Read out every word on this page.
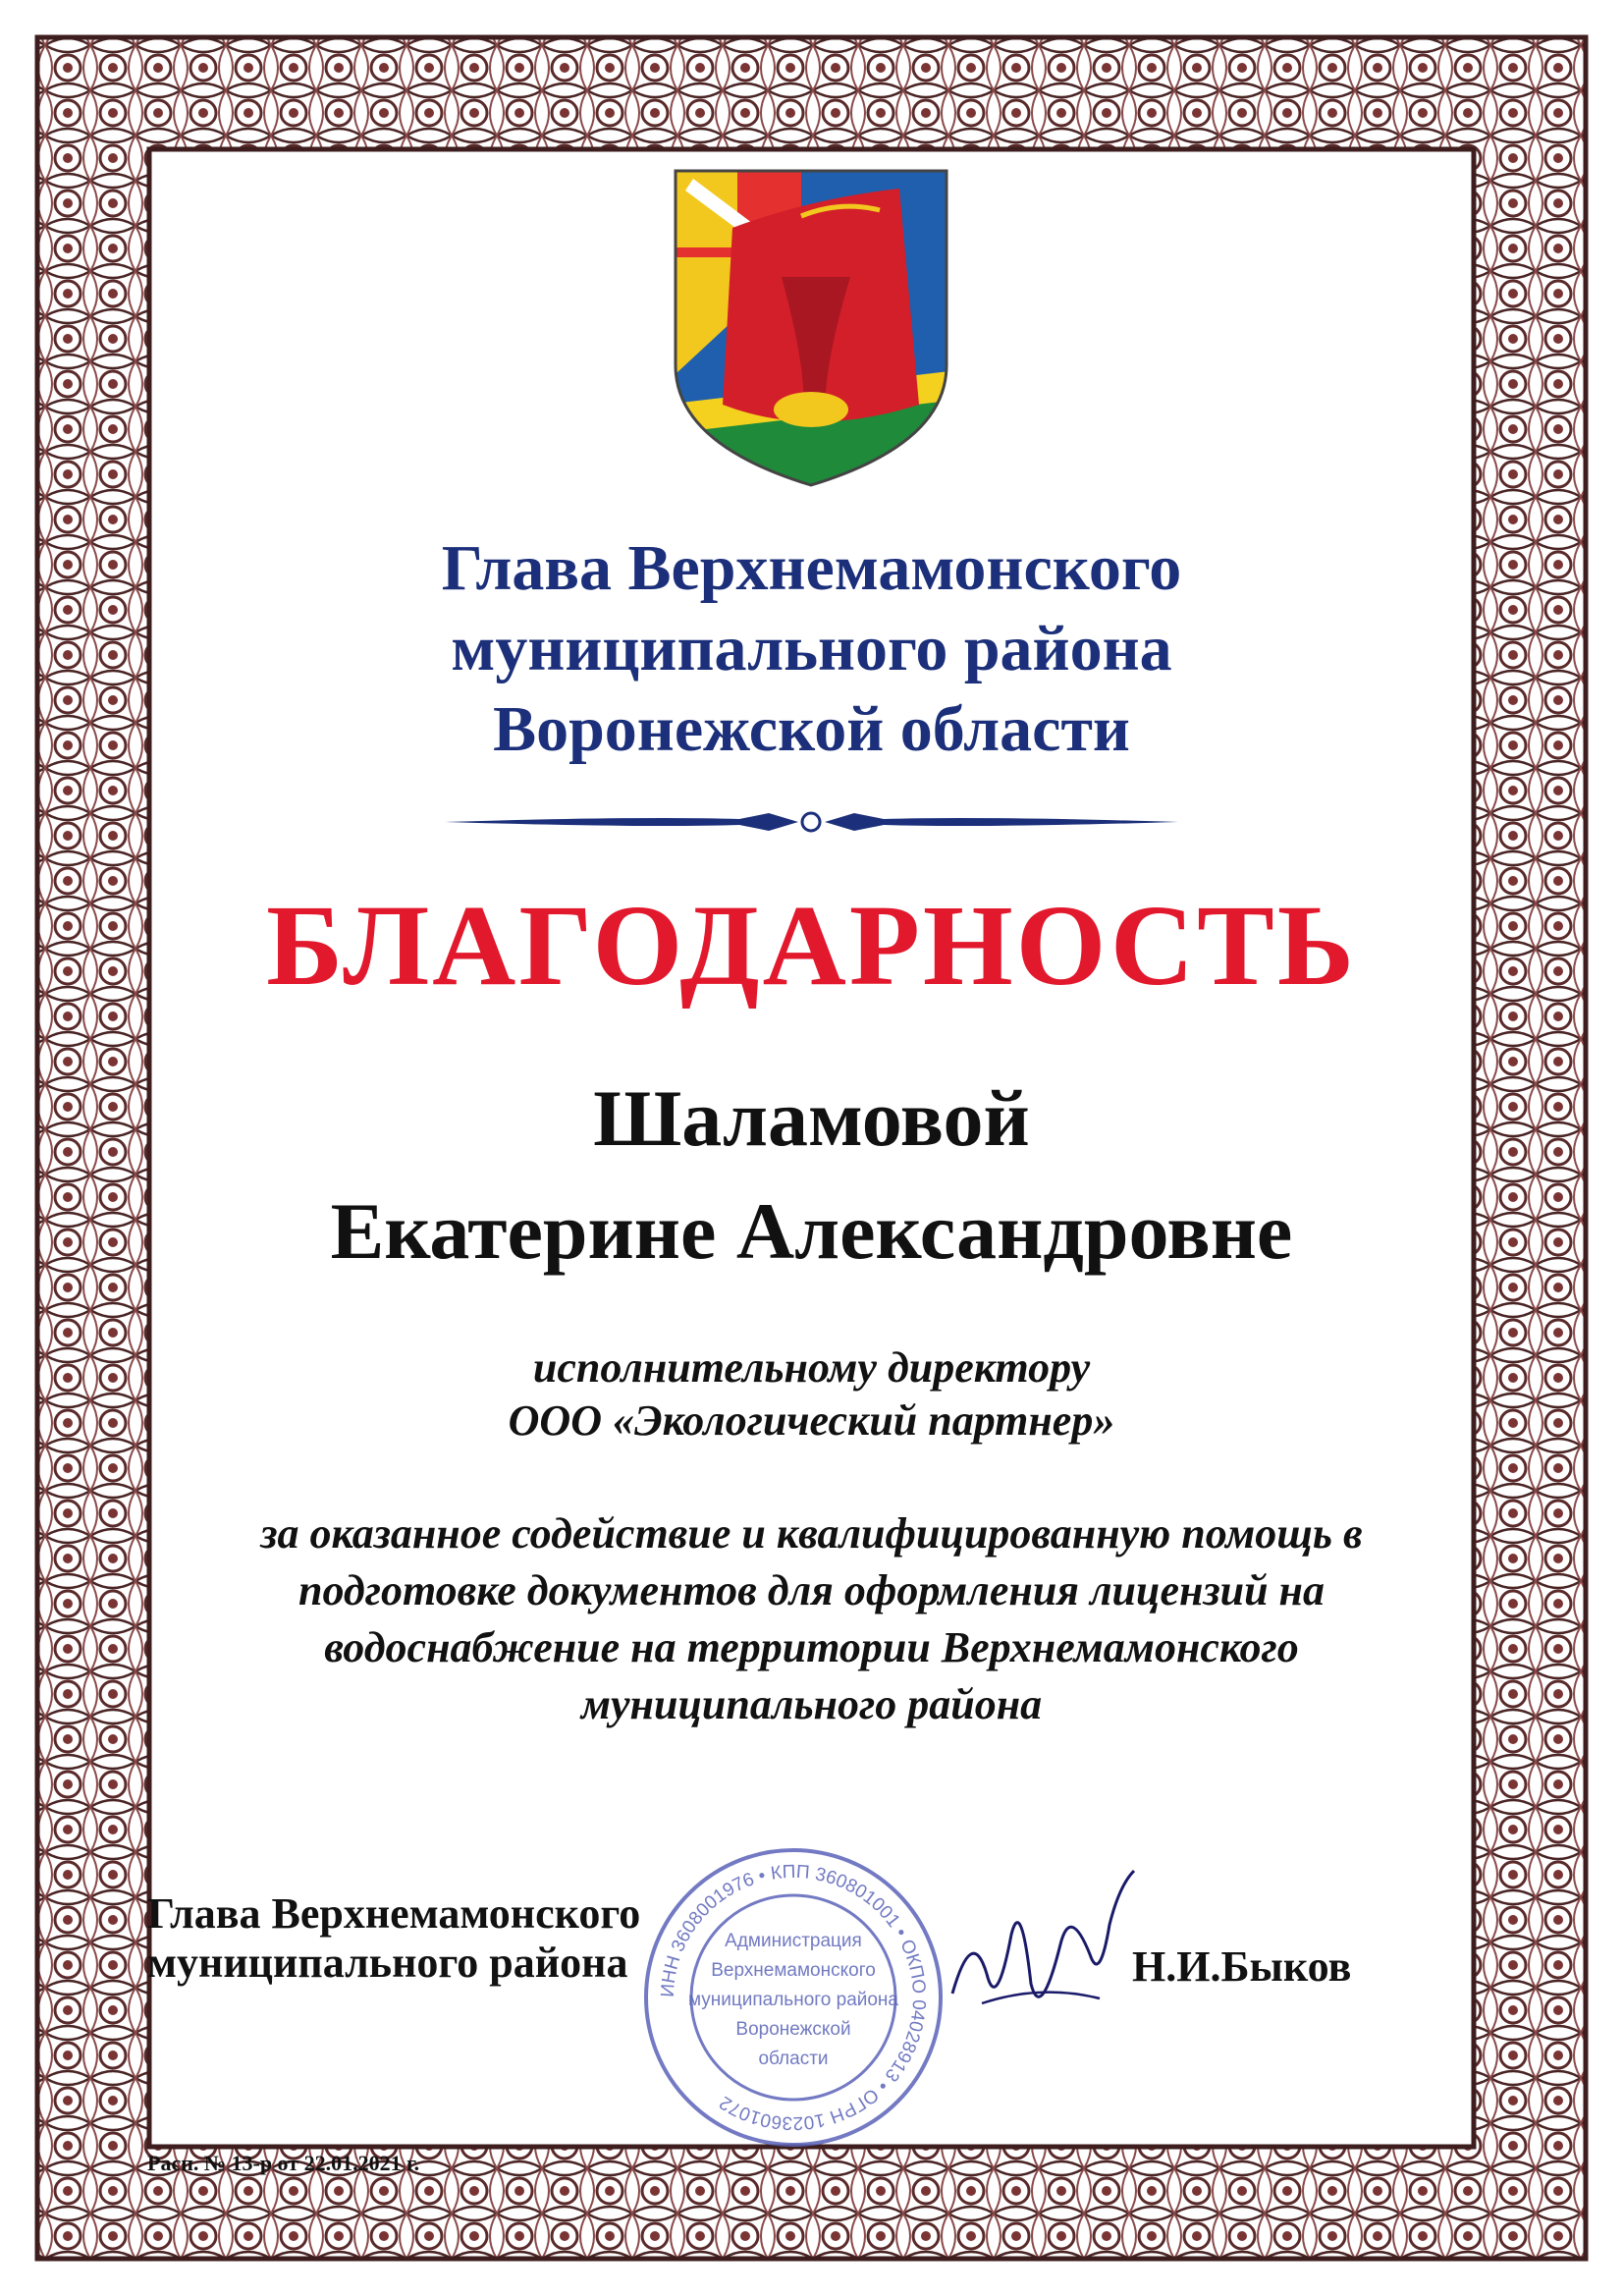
Глава Верхнемамонского
муниципального района
Воронежской области
БЛАГОДАРНОСТЬ
Шаламовой
Екатерине Александровне
исполнительному директору
ООО «Экологический партнер»
за оказанное содействие и квалифицированную помощь в
подготовке документов для оформления лицензий на
водоснабжение на территории Верхнемамонского
муниципального района
ИНН 3608001976 • КПП 360801001 • ОКПО 04028913 • ОГРН 1023601072
Администрация
Верхнемамонского
муниципального района
Воронежской
области
Глава Верхнемамонского
муниципального района	Н.И.Быков
Расп. № 13-р от 22.01.2021 г.
